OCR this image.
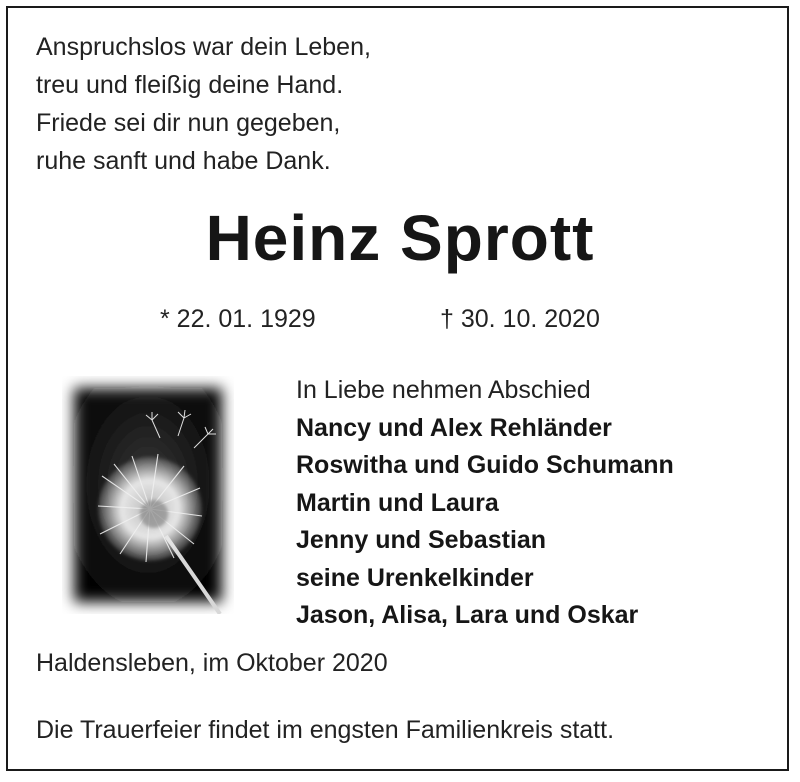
Anspruchslos war dein Leben,
treu und fleißig deine Hand.
Friede sei dir nun gegeben,
ruhe sanft und habe Dank.
Heinz Sprott
* 22. 01. 1929	† 30. 10. 2020
In Liebe nehmen Abschied
Nancy und Alex Rehländer
Roswitha und Guido Schumann
Martin und Laura
Jenny und Sebastian
seine Urenkelkinder
Jason, Alisa, Lara und Oskar
Haldensleben, im Oktober 2020
Die Trauerfeier findet im engsten Familienkreis statt.
